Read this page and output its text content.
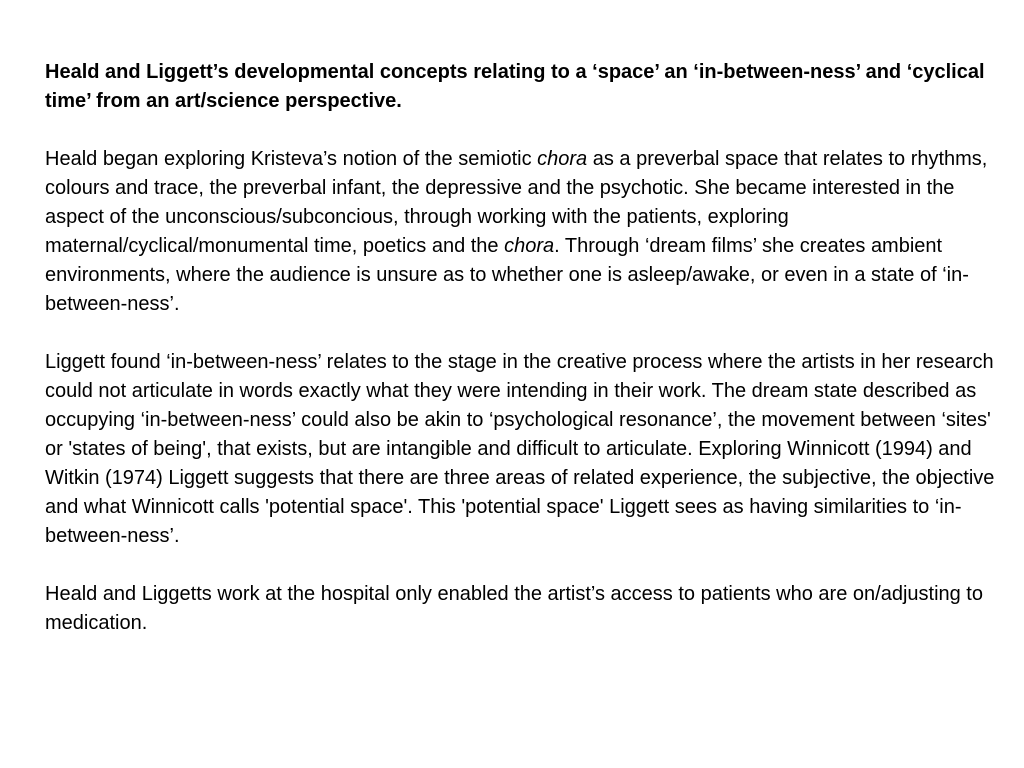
Heald and Liggett’s developmental concepts relating to a ‘space’ an ‘in-between-ness’ and ‘cyclical time’ from an art/science perspective.

Heald began exploring Kristeva’s notion of the semiotic chora as a preverbal space that relates to rhythms, colours and trace, the preverbal infant, the depressive and the psychotic. She became interested in the aspect of the unconscious/subconcious, through working with the patients, exploring maternal/cyclical/monumental time, poetics and the chora. Through ‘dream films’ she creates ambient environments, where the audience is unsure as to whether one is asleep/awake, or even in a state of ‘in-between-ness’.

Liggett found ‘in-between-ness’ relates to the stage in the creative process where the artists in her research could not articulate in words exactly what they were intending in their work. The dream state described as occupying ‘in-between-ness’ could also be akin to ‘psychological resonance’, the movement between ‘sites' or 'states of being', that exists, but are intangible and difficult to articulate. Exploring Winnicott (1994) and Witkin (1974) Liggett suggests that there are three areas of related experience, the subjective, the objective and what Winnicott calls 'potential space'. This 'potential space' Liggett sees as having similarities to ‘in-between-ness’.

Heald and Liggetts work at the hospital only enabled the artist’s access to patients who are on/adjusting to medication.
